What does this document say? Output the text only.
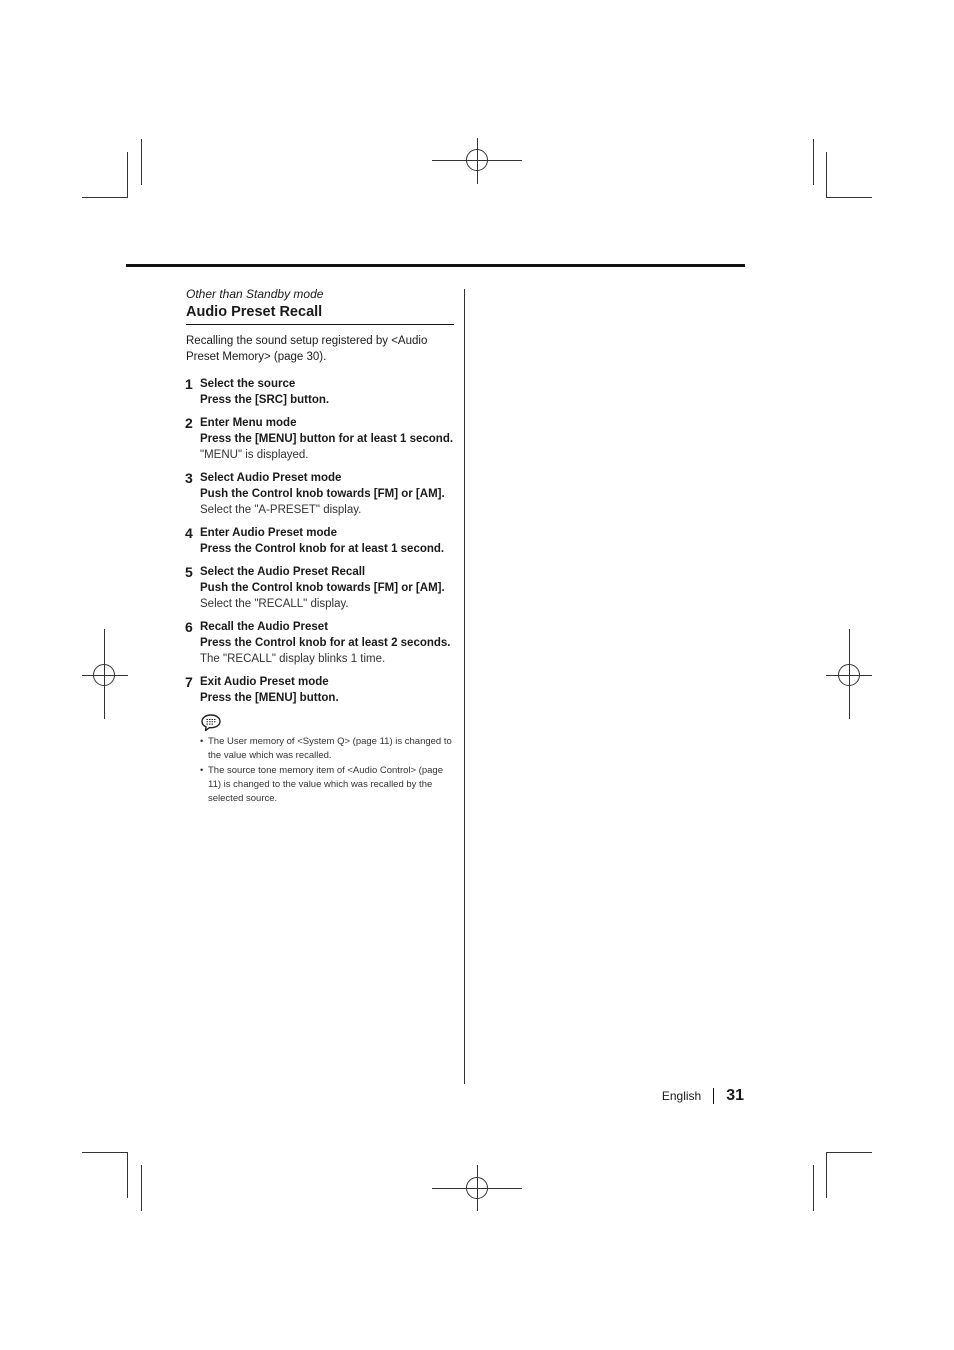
Other than Standby mode

Audio Preset Recall

Recalling the sound setup registered by <Audio Preset Memory> (page 30).

1 Select the source
Press the [SRC] button.
2 Enter Menu mode
Press the [MENU] button for at least 1 second.
"MENU" is displayed.
3 Select Audio Preset mode
Push the Control knob towards [FM] or [AM].
Select the "A-PRESET" display.
4 Enter Audio Preset mode
Press the Control knob for at least 1 second.
5 Select the Audio Preset Recall
Push the Control knob towards [FM] or [AM].
Select the "RECALL" display.
6 Recall the Audio Preset
Press the Control knob for at least 2 seconds.
The "RECALL" display blinks 1 time.
7 Exit Audio Preset mode
Press the [MENU] button.
• The User memory of <System Q> (page 11) is changed to the value which was recalled.
• The source tone memory item of <Audio Control> (page 11) is changed to the value which was recalled by the selected source.
English 31
